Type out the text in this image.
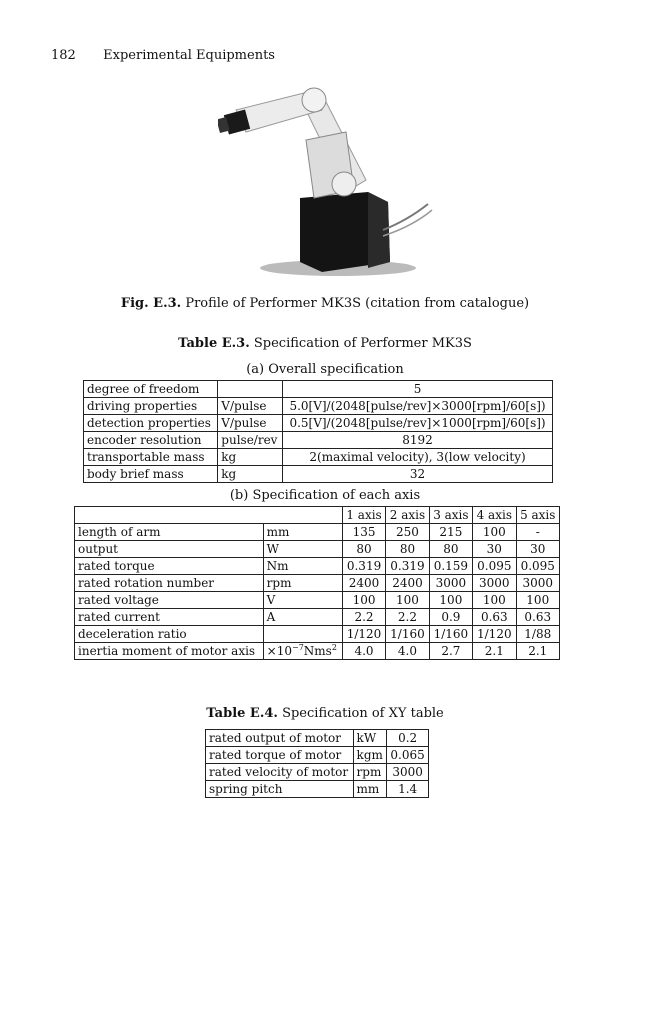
182 Experimental Equipments
Fig. E.3. Profile of Performer MK3S (citation from catalogue)
Table E.3. Specification of Performer MK3S
(a) Overall specification
degree of freedom		5
driving properties	V/pulse	5.0[V]/(2048[pulse/rev]×3000[rpm]/60[s])
detection properties	V/pulse	0.5[V]/(2048[pulse/rev]×1000[rpm]/60[s])
encoder resolution	pulse/rev	8192
transportable mass	kg	2(maximal velocity), 3(low velocity)
body brief mass	kg	32
(b) Specification of each axis
		1 axis	2 axis	3 axis	4 axis	5 axis
length of arm	mm	135	250	215	100	-
output	W	80	80	80	30	30
rated torque	Nm	0.319	0.319	0.159	0.095	0.095
rated rotation number	rpm	2400	2400	3000	3000	3000
rated voltage	V	100	100	100	100	100
rated current	A	2.2	2.2	0.9	0.63	0.63
deceleration ratio		1/120	1/160	1/160	1/120	1/88
inertia moment of motor axis	$\times 10^{-7}Nms^2$	4.0	4.0	2.7	2.1	2.1
Table E.4. Specification of XY table
rated output of motor	kW	0.2
rated torque of motor	kgm	0.065
rated velocity of motor	rpm	3000
spring pitch	mm	1.4
